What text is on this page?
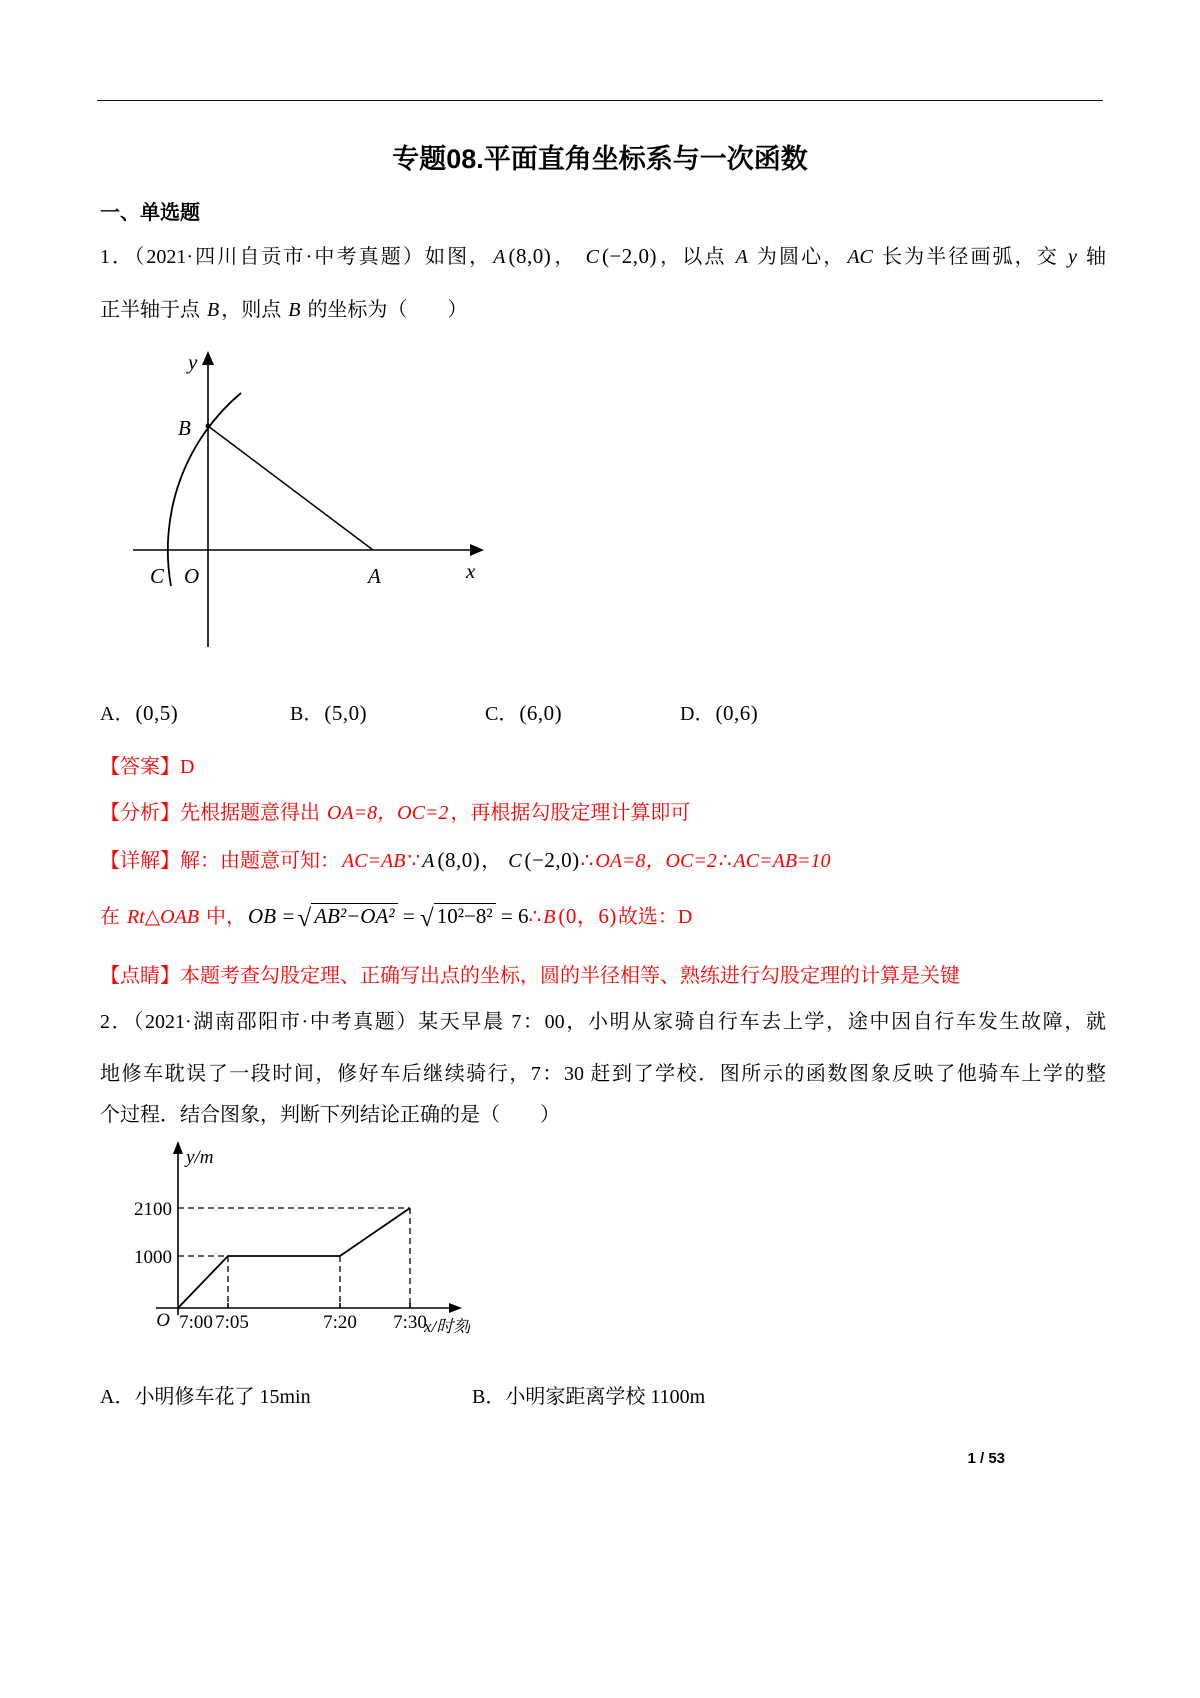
专题08.平面直角坐标系与一次函数
一、单选题
1．（2021·四川自贡市·中考真题）如图， A (8,0)， C (−2,0)，以点 A 为圆心， AC 长为半径画弧，交 y 轴
正半轴于点 B ，则点 B 的坐标为（　　）
y
B
C O	A	x
A．(0,5)	B．(5,0)	C．(6,0)	D．(0,6)
【答案】D
【分析】先根据题意得出 OA=8，OC=2 ，再根据勾股定理计算即可
【详解】解：由题意可知： AC=AB ∵ A (8,0)， C (−2,0)∴ OA=8，OC=2 ∴ AC=AB=10
在 Rt△OAB 中，OB =√ AB²−OA² = √ 10²−8² = 6∴ B (0，6)故选：D
【点睛】本题考查勾股定理、正确写出点的坐标，圆的半径相等、熟练进行勾股定理的计算是关键
2．（2021·湖南邵阳市·中考真题）某天早晨 7：00，小明从家骑自行车去上学，途中因自行车发生故障，就
地修车耽误了一段时间，修好车后继续骑行，7：30 赶到了学校．图所示的函数图象反映了他骑车上学的整
个过程．结合图象，判断下列结论正确的是（　　）
y/m
2100
1000
O 7:00 7:05	7:20 7:30
x/时刻
A．小明修车花了 15min	B．小明家距离学校 1100m
1 / 53
